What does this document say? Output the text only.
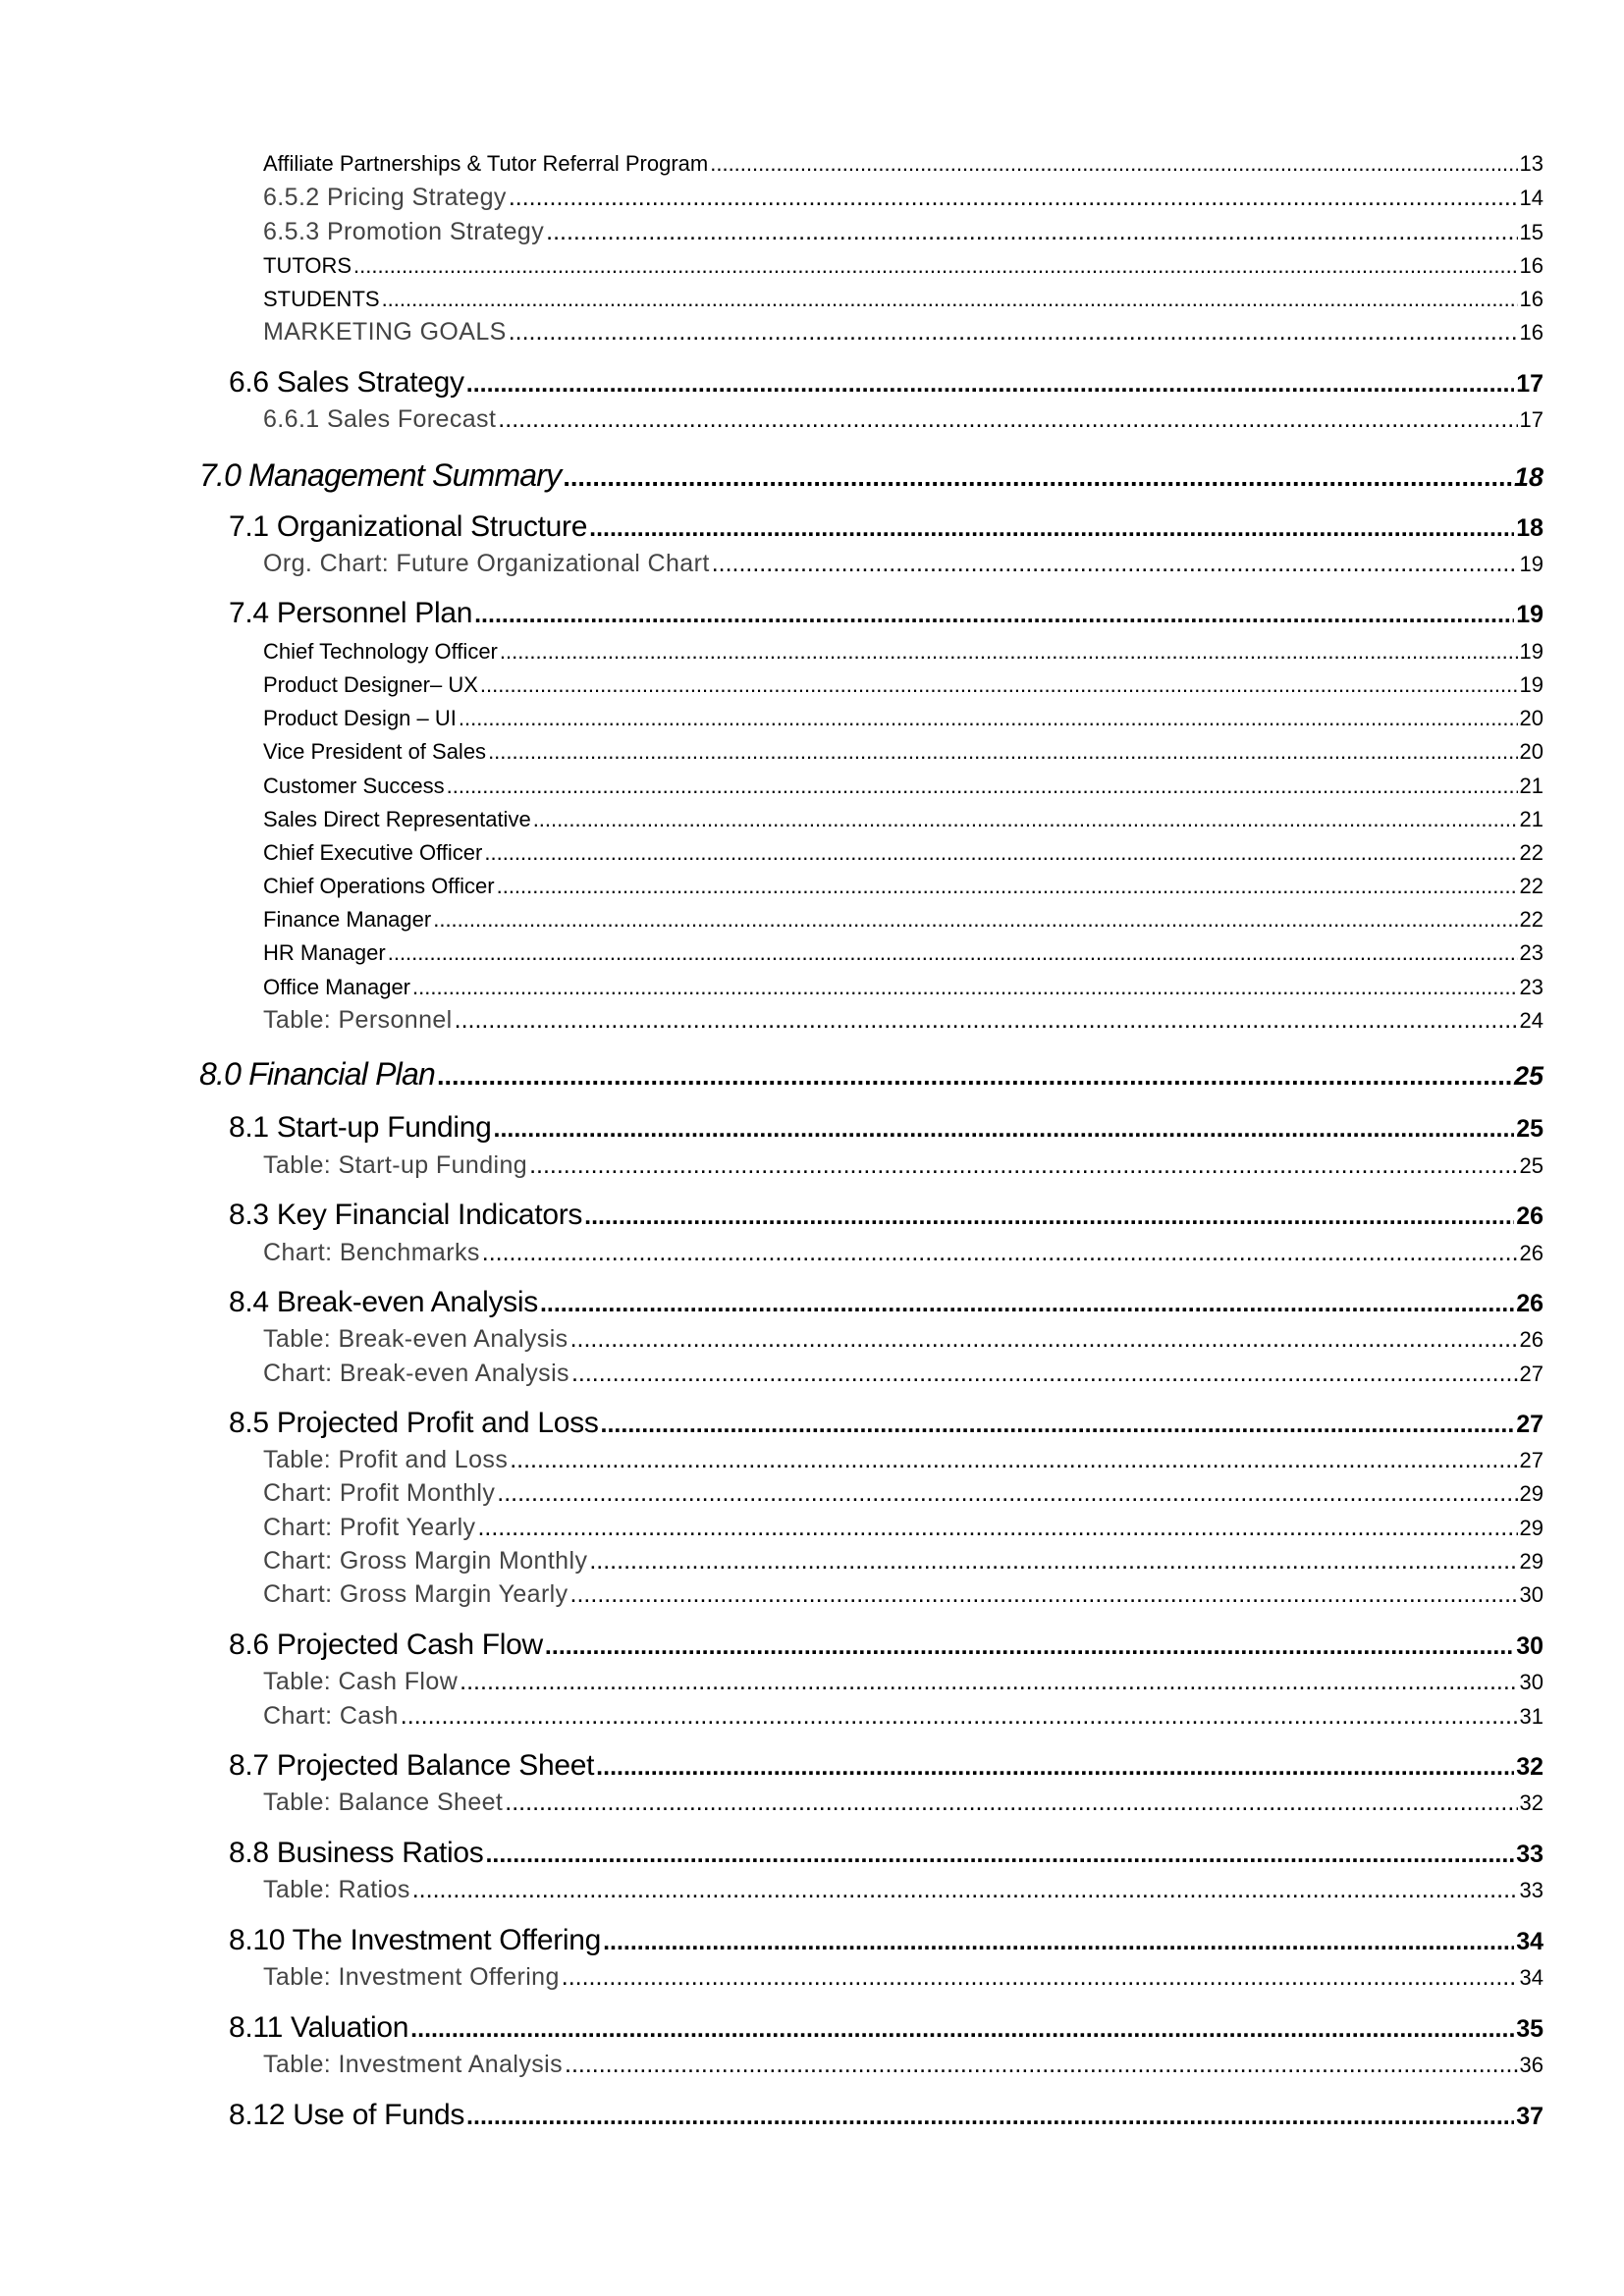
Affiliate Partnerships & Tutor Referral Program .....	13
6.5.2 Pricing Strategy .....	14
6.5.3 Promotion Strategy .....	15
TUTORS .....	16
STUDENTS .....	16
MARKETING GOALS .....	16
6.6 Sales Strategy .....	17
6.6.1 Sales Forecast .....	17
7.0 Management Summary .....	18
7.1 Organizational Structure .....	18
Org. Chart: Future Organizational Chart .....	19
7.4 Personnel Plan .....	19
Chief Technology Officer .....	19
Product Designer– UX .....	19
Product Design – UI .....	20
Vice President of Sales .....	20
Customer Success .....	21
Sales Direct Representative .....	21
Chief Executive Officer .....	22
Chief Operations Officer .....	22
Finance Manager .....	22
HR Manager .....	23
Office Manager .....	23
Table: Personnel .....	24
8.0 Financial Plan .....	25
8.1 Start-up Funding .....	25
Table: Start-up Funding .....	25
8.3 Key Financial Indicators .....	26
Chart: Benchmarks .....	26
8.4 Break-even Analysis .....	26
Table: Break-even Analysis .....	26
Chart: Break-even Analysis .....	27
8.5 Projected Profit and Loss .....	27
Table: Profit and Loss .....	27
Chart: Profit Monthly .....	29
Chart: Profit Yearly .....	29
Chart: Gross Margin Monthly .....	29
Chart: Gross Margin Yearly .....	30
8.6 Projected Cash Flow .....	30
Table: Cash Flow .....	30
Chart: Cash .....	31
8.7 Projected Balance Sheet .....	32
Table: Balance Sheet .....	32
8.8 Business Ratios .....	33
Table: Ratios .....	33
8.10 The Investment Offering .....	34
Table: Investment Offering .....	34
8.11 Valuation .....	35
Table: Investment Analysis .....	36
8.12 Use of Funds .....	37
